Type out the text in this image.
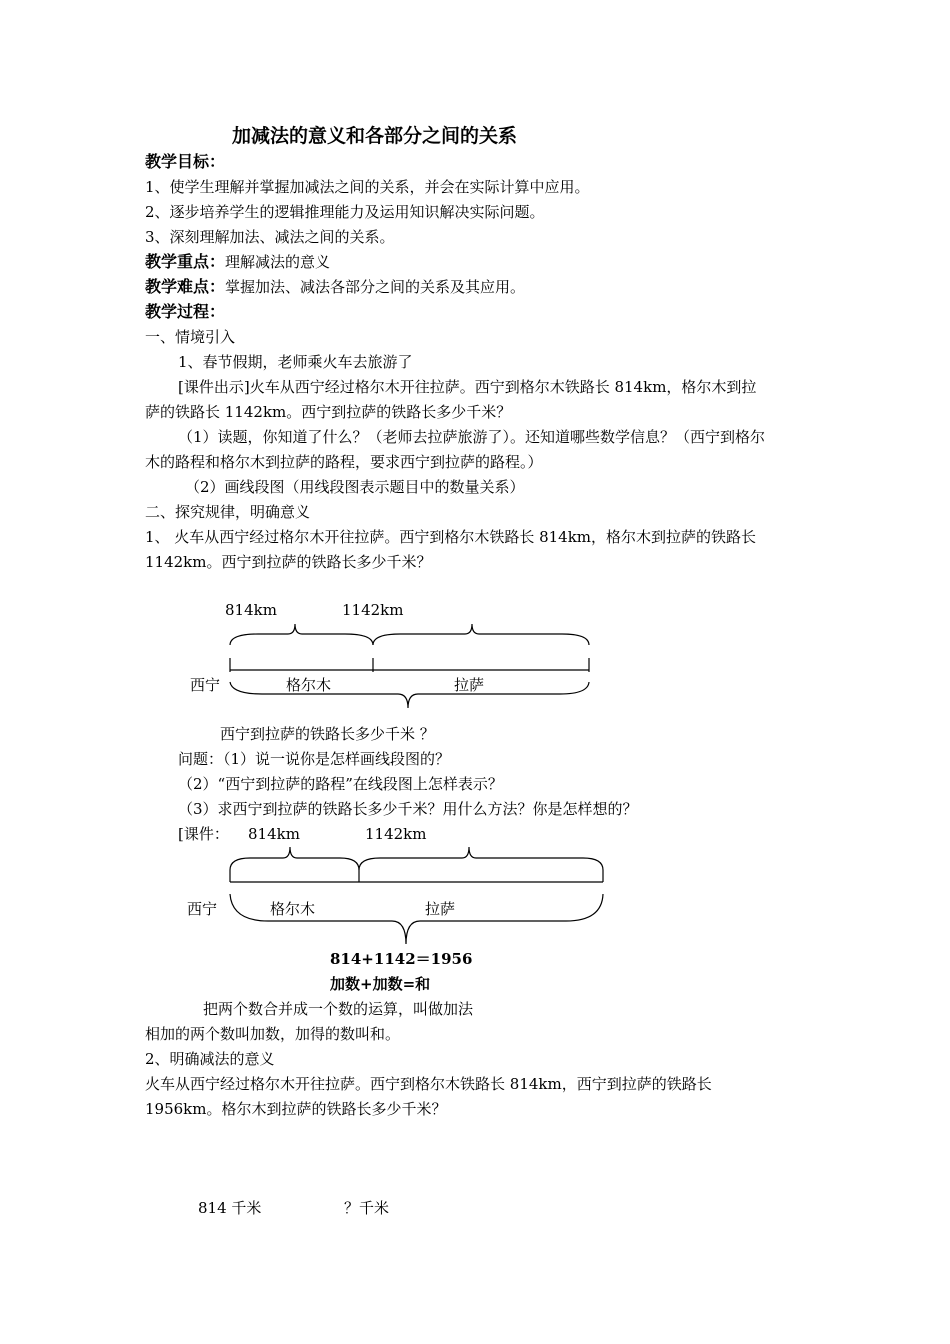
加减法的意义和各部分之间的关系
教学目标：
1、使学生理解并掌握加减法之间的关系，并会在实际计算中应用。
2、逐步培养学生的逻辑推理能力及运用知识解决实际问题。
3、深刻理解加法、减法之间的关系。
教学重点：理解减法的意义
教学难点：掌握加法、减法各部分之间的关系及其应用。
教学过程：
一、情境引入
1、春节假期，老师乘火车去旅游了
[课件出示]火车从西宁经过格尔木开往拉萨。西宁到格尔木铁路长 814km，格尔木到拉
萨的铁路长 1142km。西宁到拉萨的铁路长多少千米？
（1）读题，你知道了什么？（老师去拉萨旅游了）。还知道哪些数学信息？（西宁到格尔
木的路程和格尔木到拉萨的路程，要求西宁到拉萨的路程。）
（2）画线段图（用线段图表示题目中的数量关系）
二、探究规律，明确意义
1、 火车从西宁经过格尔木开往拉萨。西宁到格尔木铁路长 814km，格尔木到拉萨的铁路长
1142km。西宁到拉萨的铁路长多少千米？
814km	1142km
西宁	格尔木	拉萨
西宁到拉萨的铁路长多少千米 ？
问题：（1）说一说你是怎样画线段图的？
（2）“西宁到拉萨的路程”在线段图上怎样表示？
（3）求西宁到拉萨的铁路长多少千米？用什么方法？你是怎样想的？
[课件： 814km	1142km
西宁	格尔木	拉萨
814+1142＝1956
加数+加数=和
把两个数合并成一个数的运算，叫做加法
相加的两个数叫加数，加得的数叫和。
2、明确减法的意义
火车从西宁经过格尔木开往拉萨。西宁到格尔木铁路长 814km，西宁到拉萨的铁路长
1956km。格尔木到拉萨的铁路长多少千米？
814 千米	？千米
